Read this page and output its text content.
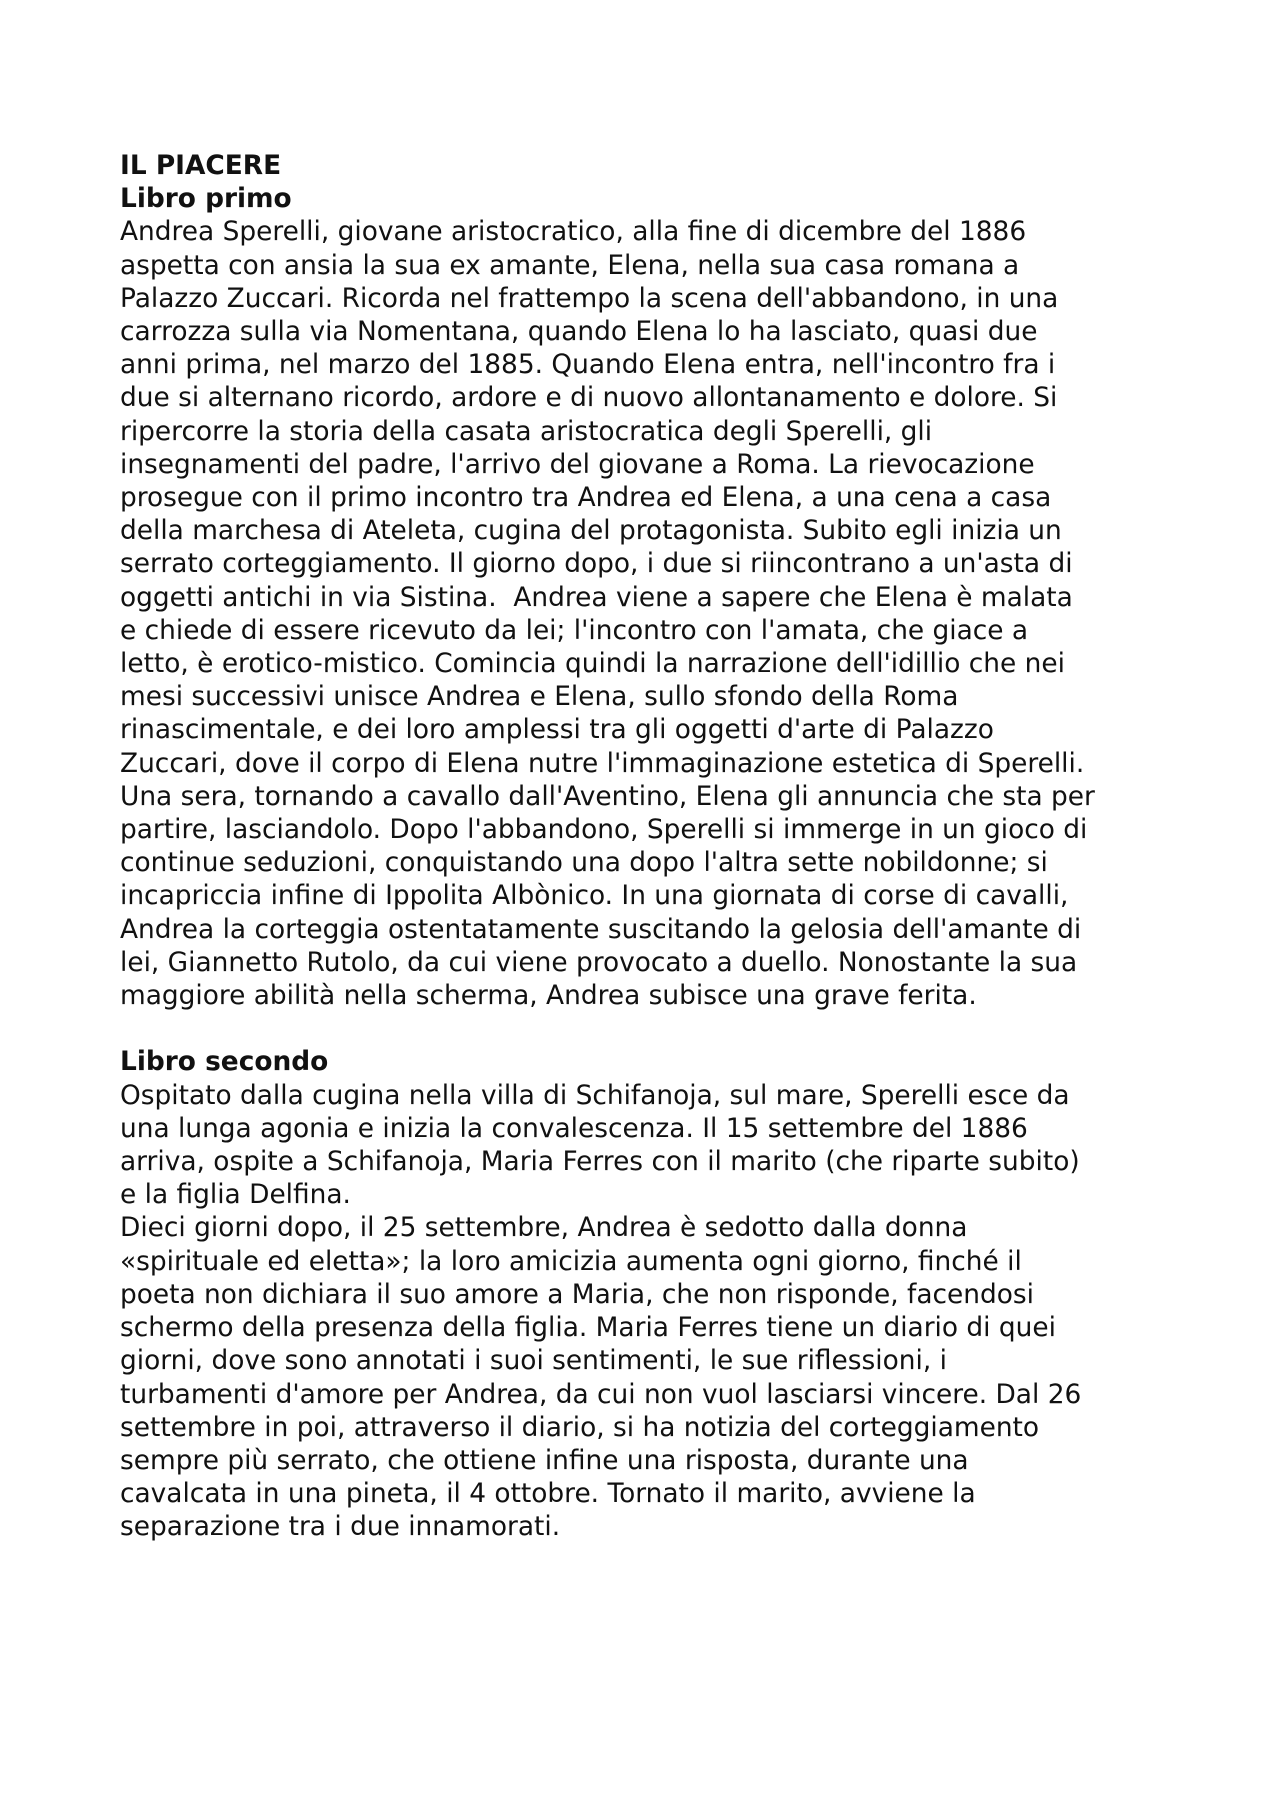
IL PIACERE
Libro primo
Andrea Sperelli, giovane aristocratico, alla fine di dicembre del 1886
aspetta con ansia la sua ex amante, Elena, nella sua casa romana a
Palazzo Zuccari. Ricorda nel frattempo la scena dell'abbandono, in una
carrozza sulla via Nomentana, quando Elena lo ha lasciato, quasi due
anni prima, nel marzo del 1885. Quando Elena entra, nell'incontro fra i
due si alternano ricordo, ardore e di nuovo allontanamento e dolore. Si
ripercorre la storia della casata aristocratica degli Sperelli, gli
insegnamenti del padre, l'arrivo del giovane a Roma. La rievocazione
prosegue con il primo incontro tra Andrea ed Elena, a una cena a casa
della marchesa di Ateleta, cugina del protagonista. Subito egli inizia un
serrato corteggiamento. Il giorno dopo, i due si riincontrano a un'asta di
oggetti antichi in via Sistina.  Andrea viene a sapere che Elena è malata
e chiede di essere ricevuto da lei; l'incontro con l'amata, che giace a
letto, è erotico-mistico. Comincia quindi la narrazione dell'idillio che nei
mesi successivi unisce Andrea e Elena, sullo sfondo della Roma
rinascimentale, e dei loro amplessi tra gli oggetti d'arte di Palazzo
Zuccari, dove il corpo di Elena nutre l'immaginazione estetica di Sperelli.
Una sera, tornando a cavallo dall'Aventino, Elena gli annuncia che sta per
partire, lasciandolo. Dopo l'abbandono, Sperelli si immerge in un gioco di
continue seduzioni, conquistando una dopo l'altra sette nobildonne; si
incapriccia infine di Ippolita Albònico. In una giornata di corse di cavalli,
Andrea la corteggia ostentatamente suscitando la gelosia dell'amante di
lei, Giannetto Rutolo, da cui viene provocato a duello. Nonostante la sua
maggiore abilità nella scherma, Andrea subisce una grave ferita.
Libro secondo
Ospitato dalla cugina nella villa di Schifanoja, sul mare, Sperelli esce da
una lunga agonia e inizia la convalescenza. Il 15 settembre del 1886
arriva, ospite a Schifanoja, Maria Ferres con il marito (che riparte subito)
e la figlia Delfina.
Dieci giorni dopo, il 25 settembre, Andrea è sedotto dalla donna
«spirituale ed eletta»; la loro amicizia aumenta ogni giorno, finché il
poeta non dichiara il suo amore a Maria, che non risponde, facendosi
schermo della presenza della figlia. Maria Ferres tiene un diario di quei
giorni, dove sono annotati i suoi sentimenti, le sue riflessioni, i
turbamenti d'amore per Andrea, da cui non vuol lasciarsi vincere. Dal 26
settembre in poi, attraverso il diario, si ha notizia del corteggiamento
sempre più serrato, che ottiene infine una risposta, durante una
cavalcata in una pineta, il 4 ottobre. Tornato il marito, avviene la
separazione tra i due innamorati.
